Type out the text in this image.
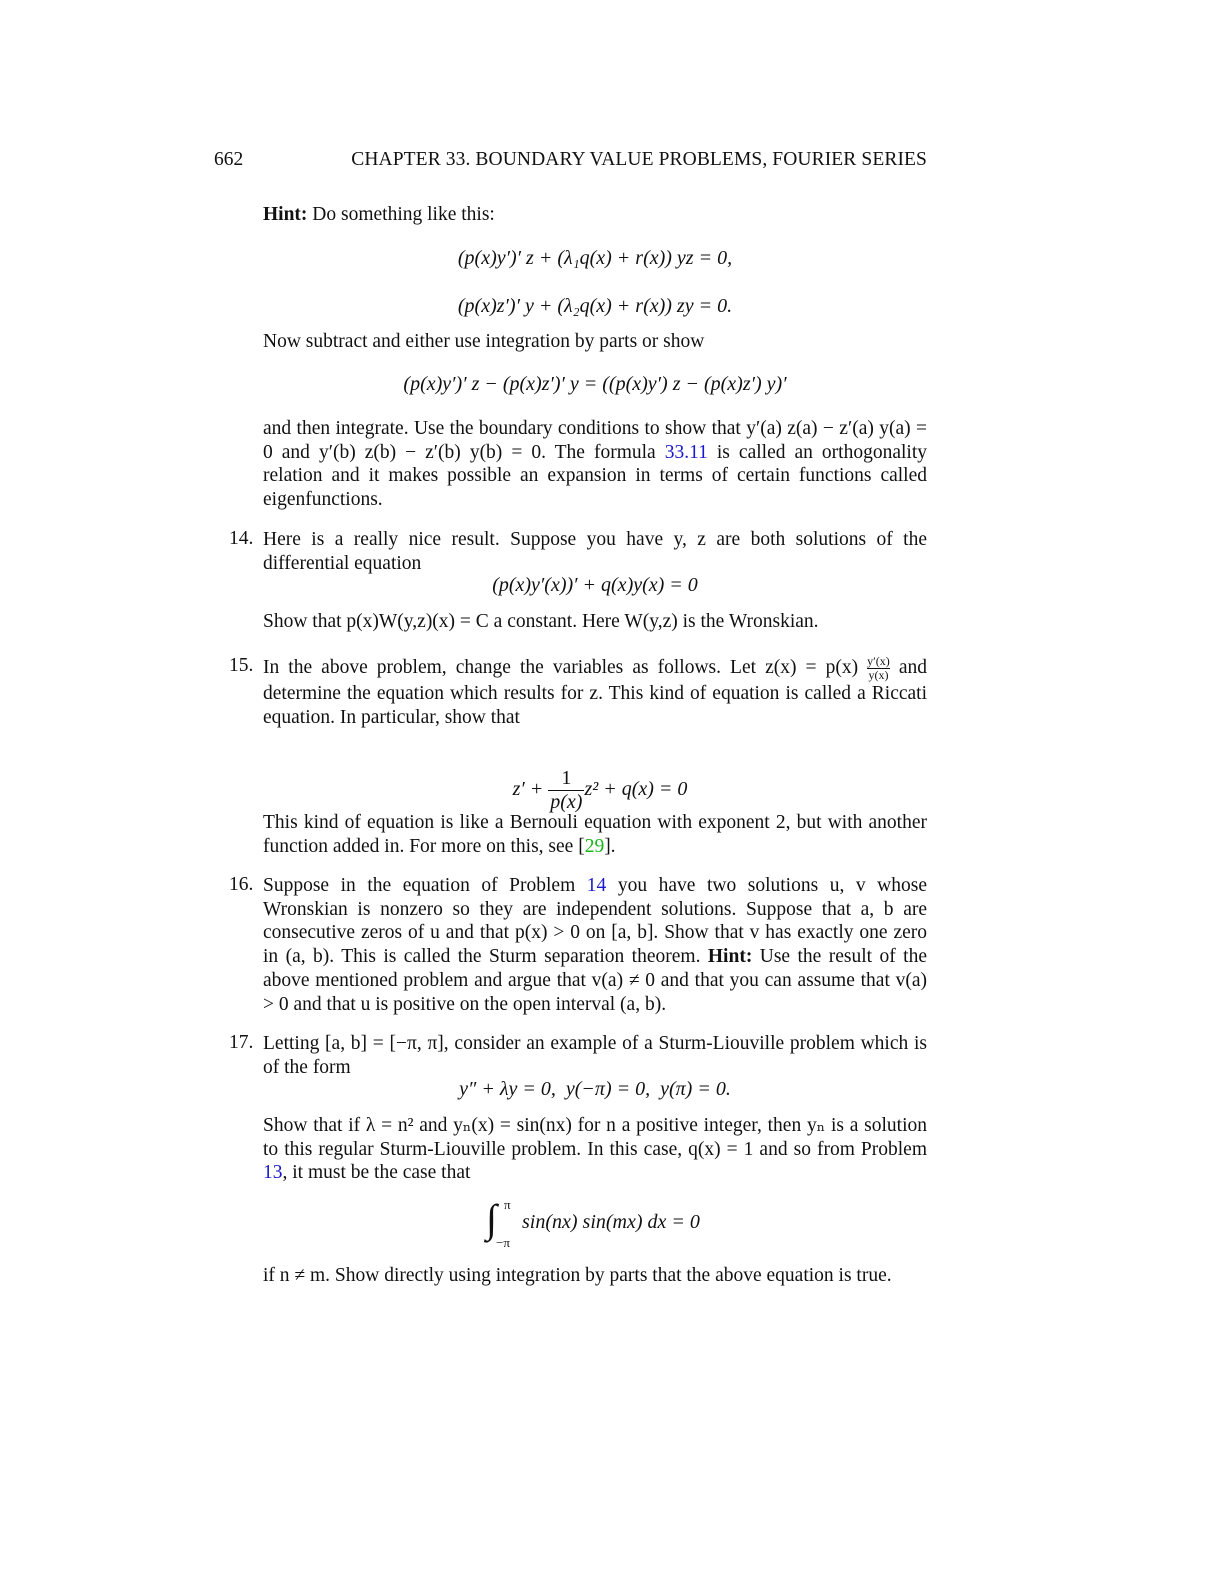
662	CHAPTER 33. BOUNDARY VALUE PROBLEMS, FOURIER SERIES
Hint: Do something like this:
(p(x)y′)′ z + (λ₁q(x) + r(x)) yz = 0,
(p(x)z′)′ y + (λ₂q(x) + r(x)) zy = 0.
Now subtract and either use integration by parts or show
(p(x)y′)′ z − (p(x)z′)′ y = ((p(x)y′) z − (p(x)z′) y)′
and then integrate. Use the boundary conditions to show that y′(a) z(a) − z′(a) y(a) = 0 and y′(b) z(b) − z′(b) y(b) = 0. The formula 33.11 is called an orthogonality relation and it makes possible an expansion in terms of certain functions called eigenfunctions.
14. Here is a really nice result. Suppose you have y, z are both solutions of the differential equation
(p(x)y′(x))′ + q(x)y(x) = 0
Show that p(x)W(y,z)(x) = C a constant. Here W(y,z) is the Wronskian.
15. In the above problem, change the variables as follows. Let $z(x) = p(x) \frac{y'(x)}{y(x)}$ and determine the equation which results for z. This kind of equation is called a Riccati equation. In particular, show that

$z' + \frac{1}{p(x)} z^2 + q(x) = 0$

This kind of equation is like a Bernouli equation with exponent 2, but with another function added in. For more on this, see [29].
16. Suppose in the equation of Problem 14 you have two solutions u, v whose Wronskian is nonzero so they are independent solutions. Suppose that a, b are consecutive zeros of u and that p(x) > 0 on [a, b]. Show that v has exactly one zero in (a, b). This is called the Sturm separation theorem. Hint: Use the result of the above mentioned problem and argue that v(a) ≠ 0 and that you can assume that v(a) > 0 and that u is positive on the open interval (a, b).
17. Letting [a, b] = [−π, π], consider an example of a Sturm-Liouville problem which is of the form
y″ + λy = 0,  y(−π) = 0,  y(π) = 0.
Show that if λ = n² and yₙ(x) = sin(nx) for n a positive integer, then yₙ is a solution to this regular Sturm-Liouville problem. In this case, q(x) = 1 and so from Problem 13, it must be the case that
∫ π
−π
sin(nx) sin(mx) dx = 0
if n ≠ m. Show directly using integration by parts that the above equation is true.
